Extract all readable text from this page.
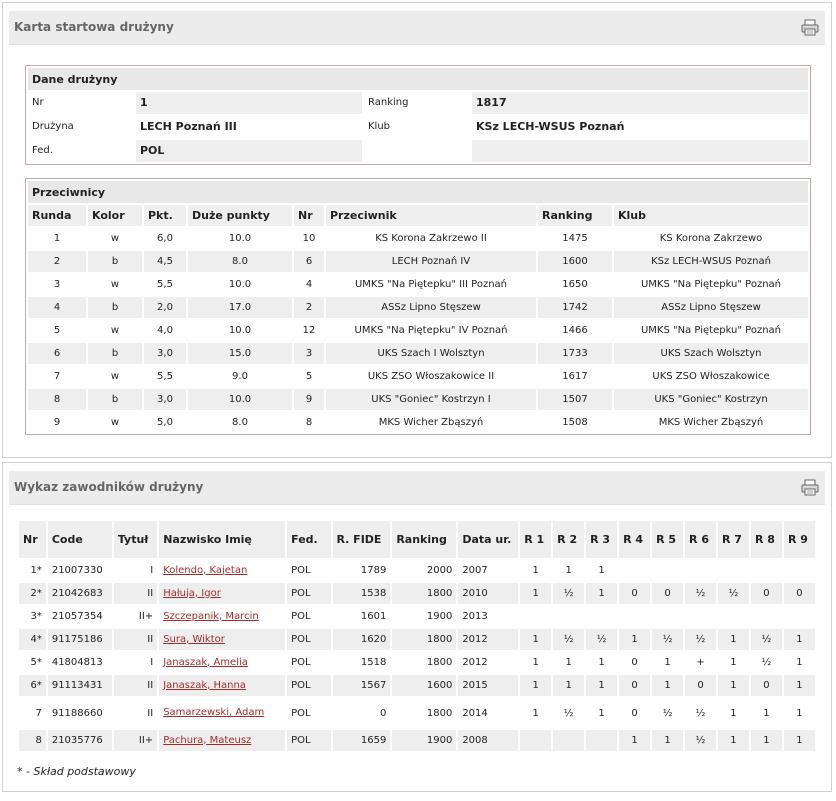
Karta startowa drużyny
Dane drużyny
Nr	1	Ranking	1817
Drużyna	LECH Poznań III	Klub	KSz LECH-WSUS Poznań
Fed.	POL
Przeciwnicy
Runda	Kolor	Pkt.	Duże punkty	Nr	Przeciwnik	Ranking	Klub
1	w	6,0	10.0	10	KS Korona Zakrzewo II	1475	KS Korona Zakrzewo
2	b	4,5	8.0	6	LECH Poznań IV	1600	KSz LECH-WSUS Poznań
3	w	5,5	10.0	4	UMKS "Na Piętерku" III Poznań	1650	UMKS "Na Piętерku" Poznań
4	b	2,0	17.0	2	ASSz Lipno Stęszew	1742	ASSz Lipno Stęszew
5	w	4,0	10.0	12	UMKS "Na Piętерku" IV Poznań	1466	UMKS "Na Piętерku" Poznań
6	b	3,0	15.0	3	UKS Szach I Wolsztyn	1733	UKS Szach Wolsztyn
7	w	5,5	9.0	5	UKS ZSO Włoszakowice II	1617	UKS ZSO Włoszakowice
8	b	3,0	10.0	9	UKS "Goniec" Kostrzyn I	1507	UKS "Goniec" Kostrzyn
9	w	5,0	8.0	8	MKS Wicher Zbąszyń	1508	MKS Wicher Zbąszyń
Wykaz zawodników drużyny
Nr	Code	Tytuł	Nazwisko Imię	Fed.	R. FIDE	Ranking	Data ur.	R 1	R 2	R 3	R 4	R 5	R 6	R 7	R 8	R 9
1*	21007330	I	Kolendo, Kajetan	POL	1789	2000	2007	1	1	1						
2*	21042683	II	Hałuja, Igor	POL	1538	1800	2010	1	½	1	0	0	½	½	0	0
3*	21057354	II+	Szczepanik, Marcin	POL	1601	1900	2013									
4*	91175186	II	Sura, Wiktor	POL	1620	1800	2012	1	½	½	1	½	½	1	½	1
5*	41804813	I	Janaszak, Amelia	POL	1518	1800	2012	1	1	1	0	1	+	1	½	1
6*	91113431	II	Janaszak, Hanna	POL	1567	1600	2015	1	1	1	0	1	0	1	0	1
7	91188660	II	Samarzewski, Adam	POL	0	1800	2014	1	½	1	0	½	½	1	1	1
8	21035776	II+	Pachura, Mateusz	POL	1659	1900	2008				1	1	½	1	1	1
* - Skład podstawowy
